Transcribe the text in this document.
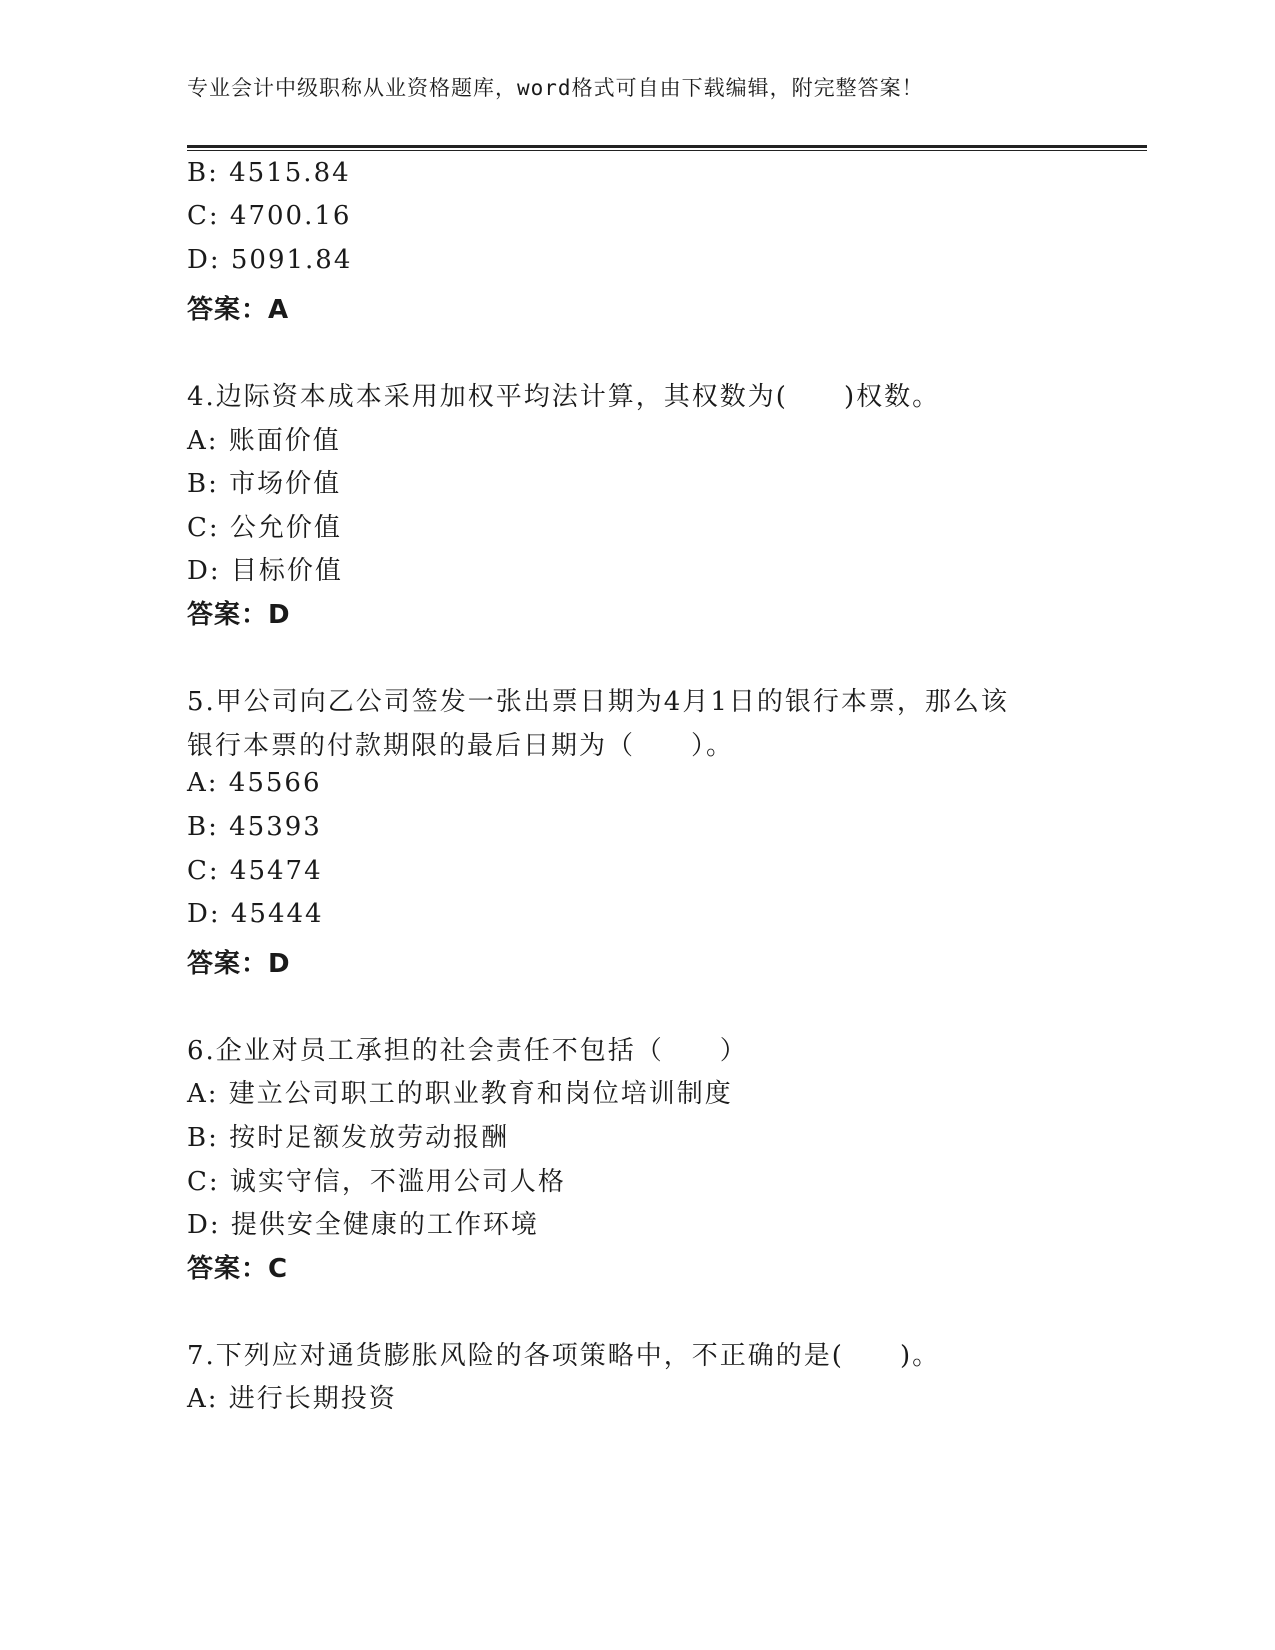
专业会计中级职称从业资格题库，word格式可自由下载编辑，附完整答案！
B: 4515.84
C: 4700.16
D: 5091.84
答案：A
4.边际资本成本采用加权平均法计算，其权数为(　　)权数。
A: 账面价值
B: 市场价值
C: 公允价值
D: 目标价值
答案：D
5.甲公司向乙公司签发一张出票日期为4月1日的银行本票，那么该
银行本票的付款期限的最后日期为（　　）。
A: 45566
B: 45393
C: 45474
D: 45444
答案：D
6.企业对员工承担的社会责任不包括（　　）
A: 建立公司职工的职业教育和岗位培训制度
B: 按时足额发放劳动报酬
C: 诚实守信，不滥用公司人格
D: 提供安全健康的工作环境
答案：C
7.下列应对通货膨胀风险的各项策略中，不正确的是(　　)。
A: 进行长期投资
